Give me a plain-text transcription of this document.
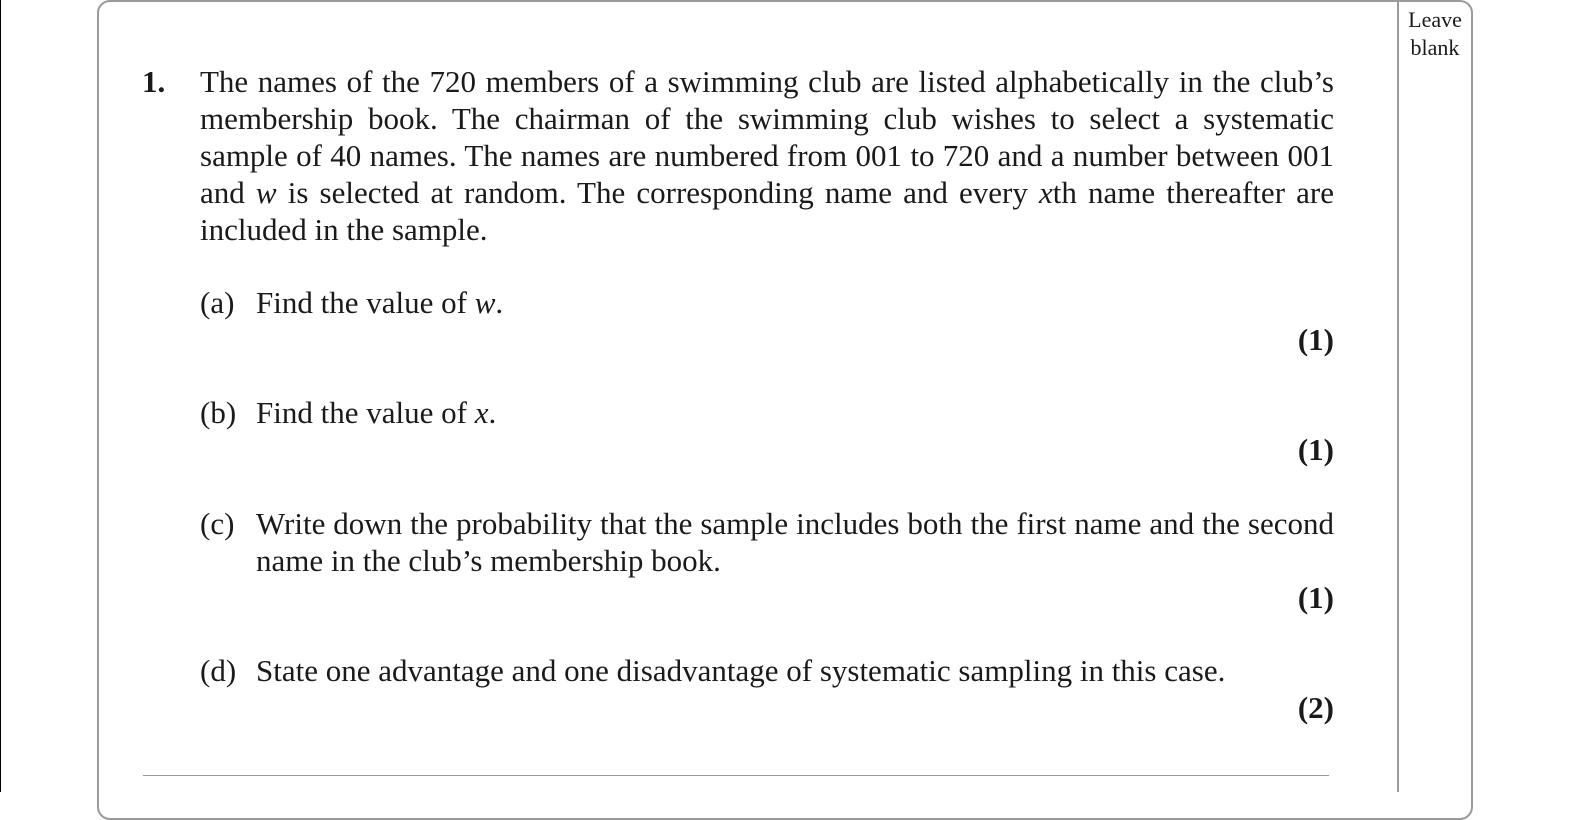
Leave
blank
1. The names of the 720 members of a swimming club are listed alphabetically in the club’s membership book. The chairman of the swimming club wishes to select a systematic sample of 40 names. The names are numbered from 001 to 720 and a number between 001 and w is selected at random. The corresponding name and every xth name thereafter are included in the sample.
(a) Find the value of w.
(1)
(b) Find the value of x.
(1)
(c) Write down the probability that the sample includes both the first name and the second name in the club’s membership book.
(1)
(d) State one advantage and one disadvantage of systematic sampling in this case.
(2)
